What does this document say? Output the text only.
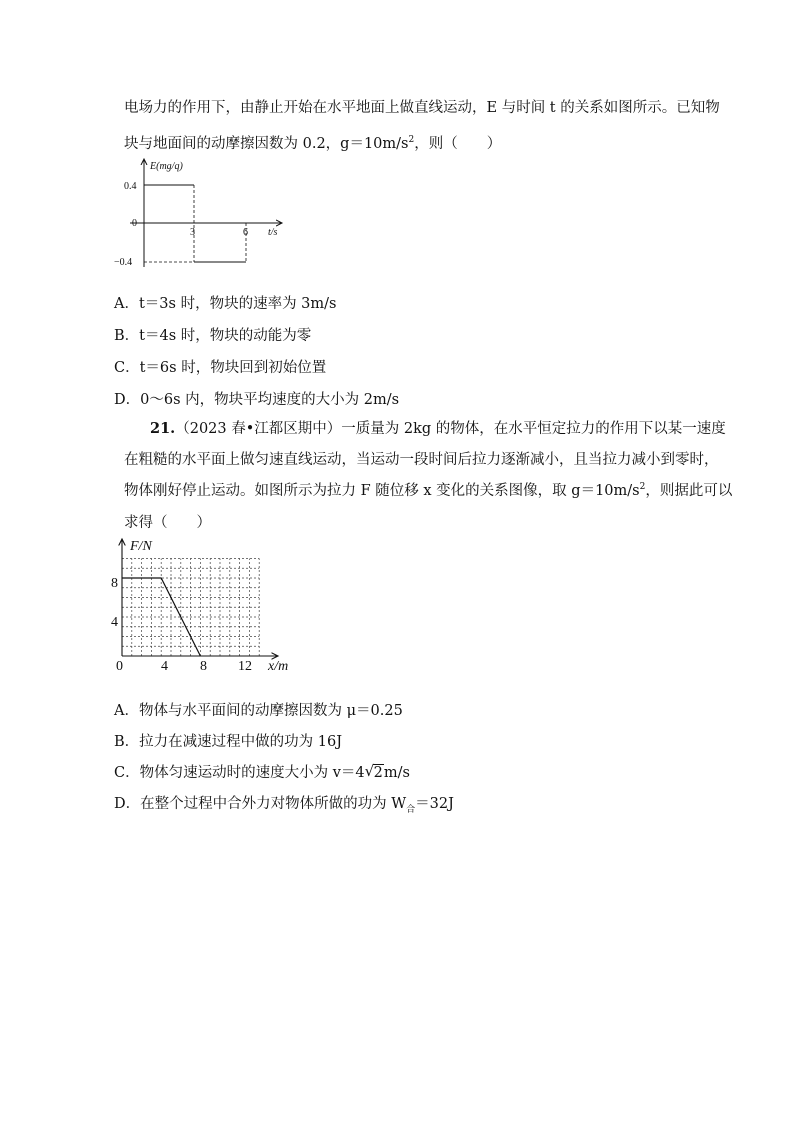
电场力的作用下，由静止开始在水平地面上做直线运动，E 与时间 t 的关系如图所示。已知物
块与地面间的动摩擦因数为 0.2，$g=10m/s^2$，则（　　）
E(mg/q)
t/s
0.4
0
−0.4
3	6
A．t＝3s 时，物块的速率为 3m/s
B．t＝4s 时，物块的动能为零
C．t＝6s 时，物块回到初始位置
D．0～6s 内，物块平均速度的大小为 2m/s
21.（2023 春•江都区期中）一质量为 2kg 的物体，在水平恒定拉力的作用下以某一速度
在粗糙的水平面上做匀速直线运动，当运动一段时间后拉力逐渐减小，且当拉力减小到零时，
物体刚好停止运动。如图所示为拉力 F 随位移 x 变化的关系图像，取 $g=10m/s^2$，则据此可以
求得（　　）
F/N
x/m
8
4
0	4 8 12
A．物体与水平面间的动摩擦因数为 μ＝0.25
B．拉力在减速过程中做的功为 16J
C．物体匀速运动时的速度大小为 v＝4 √ 2m/s
D．在整个过程中合外力对物体所做的功为 $W_合=32J$
